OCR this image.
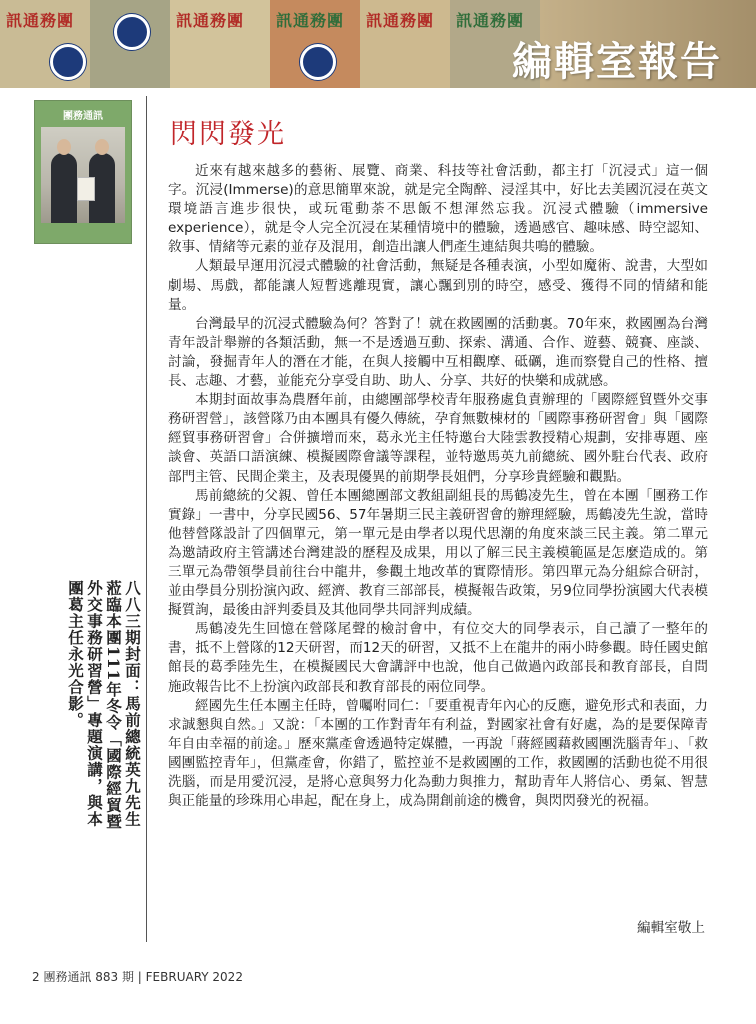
訊通務團	訊通務團 訊通務團 訊通務團 訊通務團
編輯室報告
團務通訊
八八三期封面：馬前總統英九先生蒞臨本團111年冬令「國際經貿暨外交事務研習營」專題演講，與本團葛主任永光合影。
閃閃發光

近來有越來越多的藝術、展覽、商業、科技等社會活動，都主打「沉浸式」這一個字。沉浸(Immerse)的意思簡單來說，就是完全陶醉、浸淫其中，好比去美國沉浸在英文環境語言進步很快，或玩電動荼不思飯不想渾然忘我。沉浸式體驗（immersive experience），就是令人完全沉浸在某種情境中的體驗，透過感官、趣味感、時空認知、敘事、情緒等元素的並存及混用，創造出讓人們產生連結與共鳴的體驗。

人類最早運用沉浸式體驗的社會活動，無疑是各種表演，小型如魔術、說書，大型如劇場、馬戲，都能讓人短暫逃離現實，讓心飄到別的時空，感受、獲得不同的情緒和能量。

台灣最早的沉浸式體驗為何？答對了！就在救國團的活動裏。70年來，救國團為台灣青年設計舉辦的各類活動，無一不是透過互動、探索、溝通、合作、遊藝、競賽、座談、討論，發掘青年人的潛在才能，在與人接觸中互相觀摩、砥礪，進而察覺自己的性格、擅長、志趣、才藝，並能充分享受自助、助人、分享、共好的快樂和成就感。

本期封面故事為農曆年前，由總團部學校青年服務處負責辦理的「國際經貿暨外交事務研習營」，該營隊乃由本團具有優久傳統，孕育無數棟材的「國際事務研習會」與「國際經貿事務研習會」合併擴增而來，葛永光主任特邀台大陸雲教授精心規劃，安排專題、座談會、英語口語演練、模擬國際會議等課程，並特邀馬英九前總統、國外駐台代表、政府部門主管、民間企業主，及表現優異的前期學長姐們，分享珍貴經驗和觀點。

馬前總統的父親、曾任本團總團部文教組副組長的馬鶴凌先生，曾在本團「團務工作實錄」一書中，分享民國56、57年暑期三民主義研習會的辦理經驗，馬鶴凌先生說，當時他替營隊設計了四個單元，第一單元是由學者以現代思潮的角度來談三民主義。第二單元為邀請政府主管講述台灣建設的歷程及成果，用以了解三民主義模範區是怎麼造成的。第三單元為帶領學員前往台中龍井，參觀土地改革的實際情形。第四單元為分組綜合研討，並由學員分別扮演內政、經濟、教育三部部長，模擬報告政策，另9位同學扮演國大代表模擬質詢，最後由評判委員及其他同學共同評判成績。

馬鶴凌先生回憶在營隊尾聲的檢討會中，有位交大的同學表示，自己讀了一整年的書，抵不上營隊的12天研習，而12天的研習，又抵不上在龍井的兩小時參觀。時任國史館館長的葛季陸先生，在模擬國民大會講評中也說，他自己做過內政部長和教育部長，自問施政報告比不上扮演內政部長和教育部長的兩位同學。

經國先生任本團主任時，曾囑咐同仁：「要重視青年內心的反應，避免形式和表面，力求誠懇與自然。」又說：「本團的工作對青年有利益，對國家社會有好處，為的是要保障青年自由幸福的前途。」歷來黨產會透過特定媒體，一再說「蔣經國藉救國團洗腦青年」、「救國團監控青年」，但黨產會，你錯了，監控並不是救國團的工作，救國團的活動也從不用很洗腦，而是用愛沉浸，是將心意與努力化為動力與推力，幫助青年人將信心、勇氣、智慧與正能量的珍珠用心串起，配在身上，成為開創前途的機會，與閃閃發光的祝福。

編輯室敬上
2 團務通訊 883 期 | FEBRUARY 2022
